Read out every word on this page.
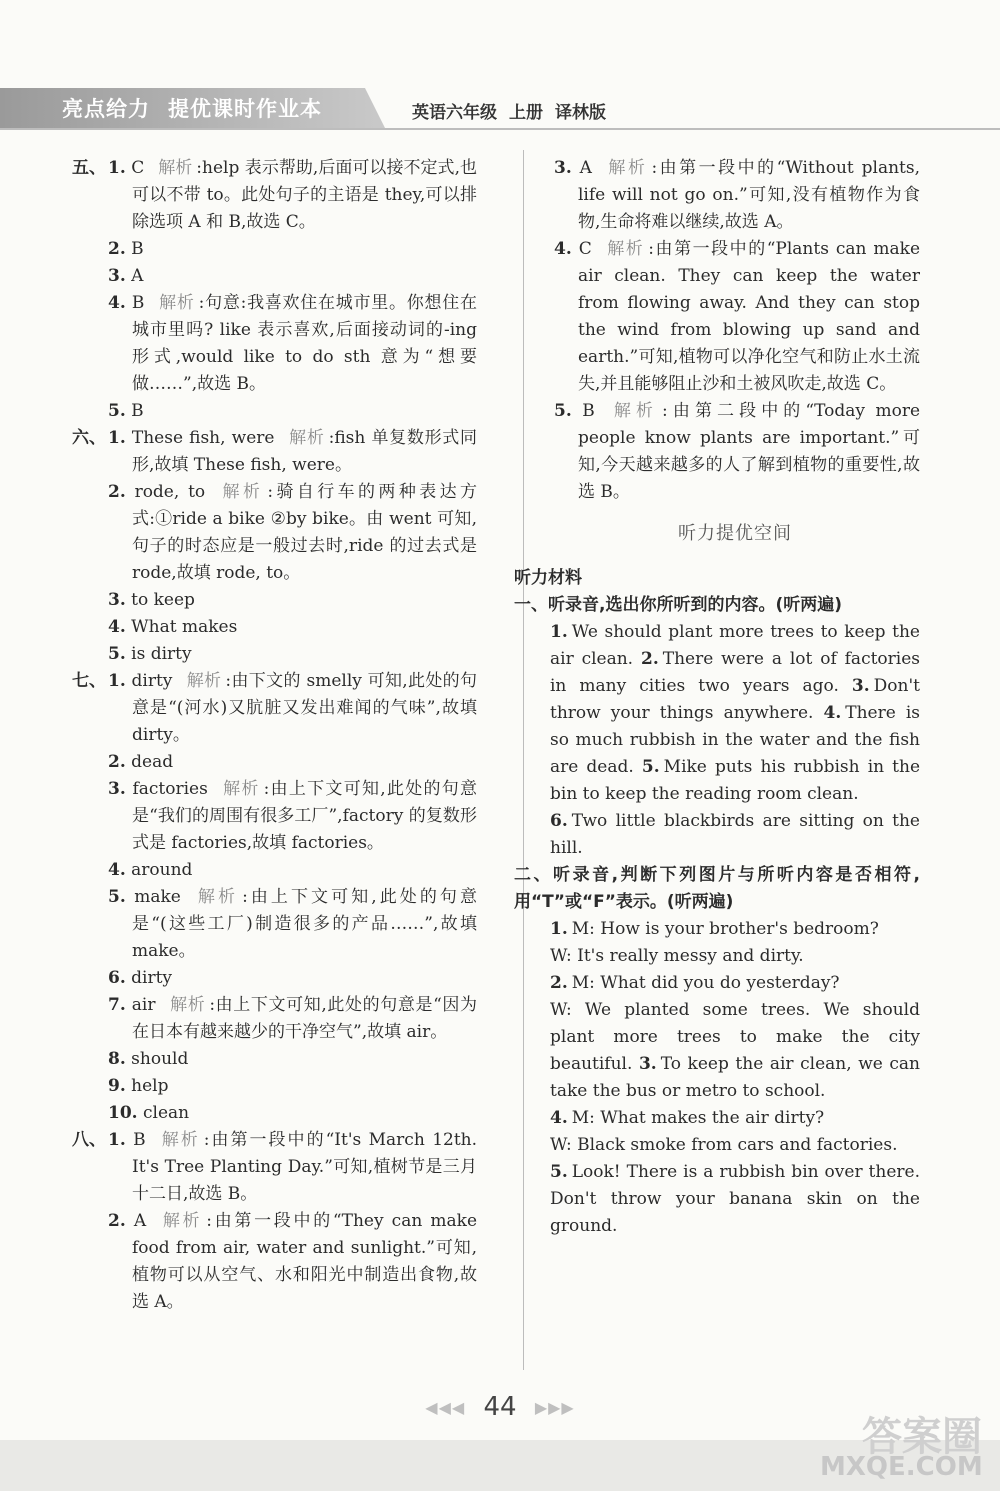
亮点给力 提优课时作业本	英语六年级 上册 译林版

五、 1. C 解析 :help 表示帮助,后面可以接不定式,也可以不带 to。此处句子的主语是 they,可以排除选项 A 和 B,故选 C。

2. B

3. A

4. B 解析 :句意:我喜欢住在城市里。你想住在城市里吗? like 表示喜欢,后面接动词的-ing 形式,would like to do sth 意为“想要做……”,故选 B。

5. B

六、 1. These fish, were 解析 :fish 单复数形式同形,故填 These fish, were。

2. rode, to 解析 :骑自行车的两种表达方式:①ride a bike ②by bike。由 went 可知,句子的时态应是一般过去时,ride 的过去式是 rode,故填 rode, to。

3. to keep

4. What makes

5. is dirty

七、 1. dirty 解析 :由下文的 smelly 可知,此处的句意是“(河水)又肮脏又发出难闻的气味”,故填 dirty。

2. dead

3. factories 解析 :由上下文可知,此处的句意是“我们的周围有很多工厂”,factory 的复数形式是 factories,故填 factories。

4. around

5. make 解析 :由上下文可知,此处的句意是“(这些工厂)制造很多的产品……”,故填 make。

6. dirty

7. air 解析 :由上下文可知,此处的句意是“因为在日本有越来越少的干净空气”,故填 air。

8. should

9. help

10. clean

八、 1. B 解析 :由第一段中的“It's March 12th. It's Tree Planting Day.”可知,植树节是三月十二日,故选 B。

2. A 解析 :由第一段中的“They can make food from air, water and sunlight.”可知,植物可以从空气、水和阳光中制造出食物,故选 A。

3. A 解析 :由第一段中的“Without plants, life will not go on.”可知,没有植物作为食物,生命将难以继续,故选 A。

4. C 解析 :由第一段中的“Plants can make air clean. They can keep the water from flowing away. And they can stop the wind from blowing up sand and earth.”可知,植物可以净化空气和防止水土流失,并且能够阻止沙和土被风吹走,故选 C。

5. B 解析 :由第二段中的“Today more people know plants are important.”可知,今天越来越多的人了解到植物的重要性,故选 B。

听力提优空间

听力材料

一、听录音,选出你所听到的内容。(听两遍)

1. We should plant more trees to keep the air clean. 2. There were a lot of factories in many cities two years ago. 3. Don't throw your things anywhere. 4. There is so much rubbish in the water and the fish are dead. 5. Mike puts his rubbish in the bin to keep the reading room clean.
6. Two little blackbirds are sitting on the hill.

二、听录音,判断下列图片与所听内容是否相符,用“T”或“F”表示。(听两遍)

1. M: How is your brother's bedroom?

W: It's really messy and dirty.

2. M: What did you do yesterday?

W: We planted some trees. We should plant more trees to make the city beautiful. 3. To keep the air clean, we can take the bus or metro to school.

4. M: What makes the air dirty?

W: Black smoke from cars and factories.

5. Look! There is a rubbish bin over there. Don't throw your banana skin on the ground.

◀◀◀ 44 ▶▶▶
答案圈
MXQE.COM
